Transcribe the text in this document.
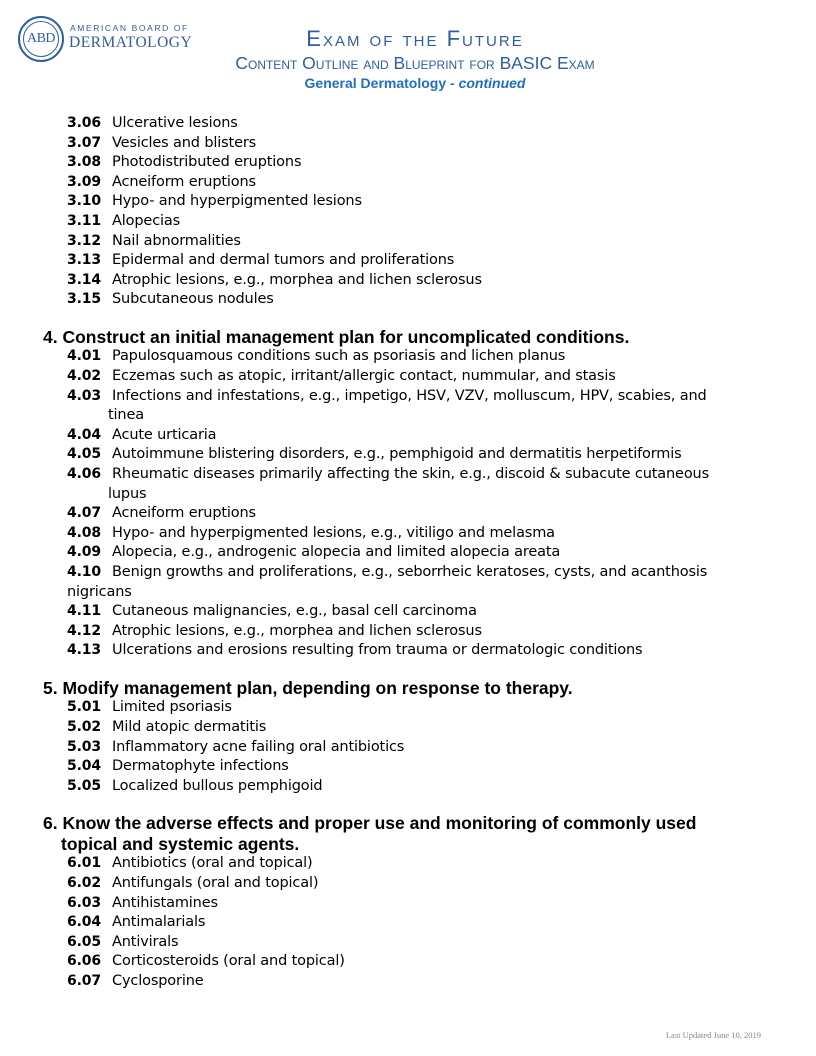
ABD
AMERICAN BOARD OF
DERMATOLOGY	Exam of the Future
Content Outline and Blueprint for BASIC Exam
General Dermatology - continued
3.06 Ulcerative lesions
3.07 Vesicles and blisters
3.08 Photodistributed eruptions
3.09 Acneiform eruptions
3.10 Hypo- and hyperpigmented lesions
3.11 Alopecias
3.12 Nail abnormalities
3.13 Epidermal and dermal tumors and proliferations
3.14 Atrophic lesions, e.g., morphea and lichen sclerosus
3.15 Subcutaneous nodules
4. Construct an initial management plan for uncomplicated conditions.
4.01 Papulosquamous conditions such as psoriasis and lichen planus
4.02 Eczemas such as atopic, irritant/allergic contact, nummular, and stasis
4.03 Infections and infestations, e.g., impetigo, HSV, VZV, molluscum, HPV, scabies, and
tinea
4.04 Acute urticaria
4.05 Autoimmune blistering disorders, e.g., pemphigoid and dermatitis herpetiformis
4.06 Rheumatic diseases primarily affecting the skin, e.g., discoid & subacute cutaneous
lupus
4.07 Acneiform eruptions
4.08 Hypo- and hyperpigmented lesions, e.g., vitiligo and melasma
4.09 Alopecia, e.g., androgenic alopecia and limited alopecia areata
4.10 Benign growths and proliferations, e.g., seborrheic keratoses, cysts, and acanthosis
nigricans
4.11 Cutaneous malignancies, e.g., basal cell carcinoma
4.12 Atrophic lesions, e.g., morphea and lichen sclerosus
4.13 Ulcerations and erosions resulting from trauma or dermatologic conditions
5. Modify management plan, depending on response to therapy.
5.01 Limited psoriasis
5.02 Mild atopic dermatitis
5.03 Inflammatory acne failing oral antibiotics
5.04 Dermatophyte infections
5.05 Localized bullous pemphigoid
6. Know the adverse effects and proper use and monitoring of commonly used
topical and systemic agents.
6.01 Antibiotics (oral and topical)
6.02 Antifungals (oral and topical)
6.03 Antihistamines
6.04 Antimalarials
6.05 Antivirals
6.06 Corticosteroids (oral and topical)
6.07 Cyclosporine
Last Updated June 10, 2019
